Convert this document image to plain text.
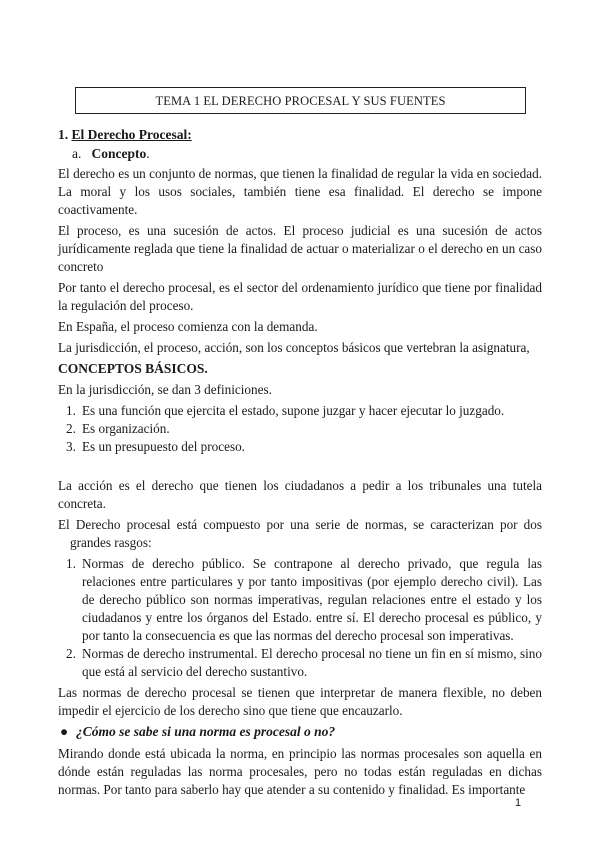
TEMA 1 EL DERECHO PROCESAL Y SUS FUENTES
1. El Derecho Procesal:
a. Concepto.

El derecho es un conjunto de normas, que tienen la finalidad de regular la vida en sociedad. La moral y los usos sociales, también tiene esa finalidad. El derecho se impone coactivamente.

El proceso, es una sucesión de actos. El proceso judicial es una sucesión de actos jurídicamente reglada que tiene la finalidad de actuar o materializar o el derecho en un caso concreto

Por tanto el derecho procesal, es el sector del ordenamiento jurídico que tiene por finalidad la regulación del proceso.

En España, el proceso comienza con la demanda.

La jurisdicción, el proceso, acción, son los conceptos básicos que vertebran la asignatura,

CONCEPTOS BÁSICOS.

En la jurisdicción, se dan 3 definiciones.

1. Es una función que ejercita el estado, supone juzgar y hacer ejecutar lo juzgado.
2. Es organización.
3. Es un presupuesto del proceso.

La acción es el derecho que tienen los ciudadanos a pedir a los tribunales una tutela concreta.

El Derecho procesal está compuesto por una serie de normas, se caracterizan por dos grandes rasgos:

1. Normas de derecho público. Se contrapone al derecho privado, que regula las relaciones entre particulares y por tanto impositivas (por ejemplo derecho civil). Las de derecho público son normas imperativas, regulan relaciones entre el estado y los ciudadanos y entre los órganos del Estado. entre sí. El derecho procesal es público, y por tanto la consecuencia es que las normas del derecho procesal son imperativas.
2. Normas de derecho instrumental. El derecho procesal no tiene un fin en sí mismo, sino que está al servicio del derecho sustantivo.

Las normas de derecho procesal se tienen que interpretar de manera flexible, no deben impedir el ejercicio de los derecho sino que tiene que encauzarlo.

● ¿Cómo se sabe si una norma es procesal o no?

Mirando donde está ubicada la norma, en principio las normas procesales son aquella en dónde están reguladas las norma procesales, pero no todas están reguladas en dichas normas. Por tanto para saberlo hay que atender a su contenido y finalidad. Es importante

1
